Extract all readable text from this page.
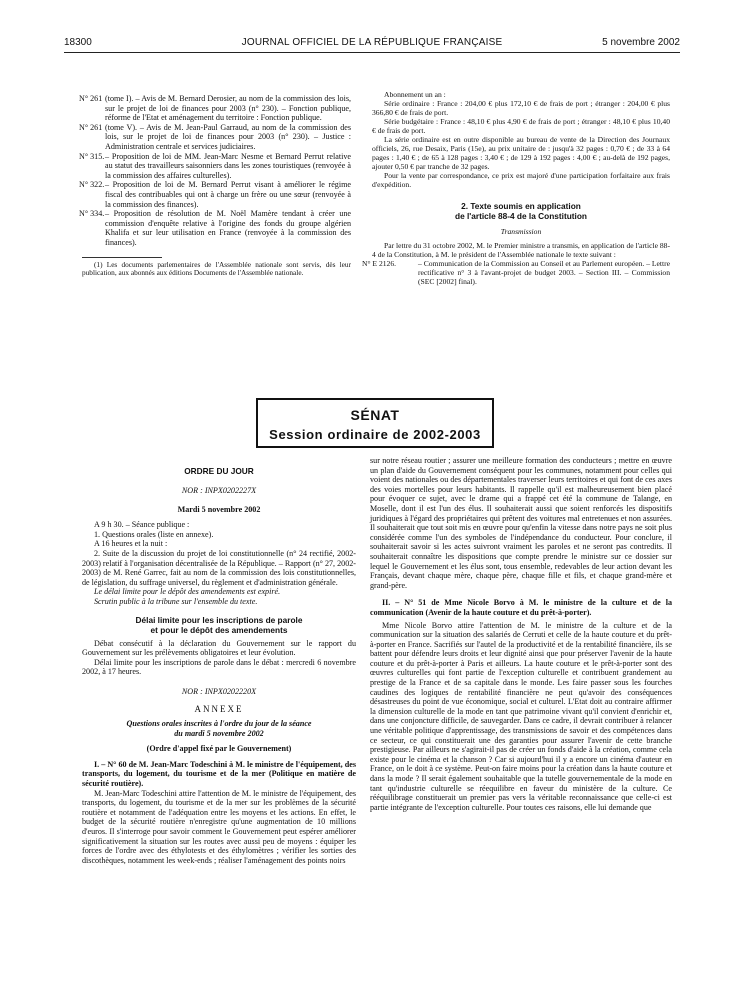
18300	JOURNAL OFFICIEL DE LA RÉPUBLIQUE FRANÇAISE	5 novembre 2002
N° 261 (tome I). – Avis de M. Bernard Derosier, au nom de la commission des lois, sur le projet de loi de finances pour 2003 (n° 230). – Fonction publique, réforme de l'Etat et aménagement du territoire : Fonction publique.
N° 261 (tome V). – Avis de M. Jean-Paul Garraud, au nom de la commission des lois, sur le projet de loi de finances pour 2003 (n° 230). – Justice : Administration centrale et services judiciaires.
N° 315. – Proposition de loi de MM. Jean-Marc Nesme et Bernard Perrut relative au statut des travailleurs saisonniers dans les zones touristiques (renvoyée à la commission des affaires culturelles).
N° 322. – Proposition de loi de M. Bernard Perrut visant à améliorer le régime fiscal des contribuables qui ont à charge un frère ou une sœur (renvoyée à la commission des finances).
N° 334. – Proposition de résolution de M. Noël Mamère tendant à créer une commission d'enquête relative à l'origine des fonds du groupe algérien Khalifa et sur leur utilisation en France (renvoyée à la commission des finances).

(1) Les documents parlementaires de l'Assemblée nationale sont servis, dès leur publication, aux abonnés aux éditions Documents de l'Assemblée nationale.

Abonnement un an :

Série ordinaire : France : 204,00 € plus 172,10 € de frais de port ; étranger : 204,00 € plus 366,80 € de frais de port.

Série budgétaire : France : 48,10 € plus 4,90 € de frais de port ; étranger : 48,10 € plus 10,40 € de frais de port.

La série ordinaire est en outre disponible au bureau de vente de la Direction des Journaux officiels, 26, rue Desaix, Paris (15e), au prix unitaire de : jusqu'à 32 pages : 0,70 € ; de 33 à 64 pages : 1,40 € ; de 65 à 128 pages : 3,40 € ; de 129 à 192 pages : 4,00 € ; au-delà de 192 pages, ajouter 0,50 € par tranche de 32 pages.

Pour la vente par correspondance, ce prix est majoré d'une participation forfaitaire aux frais d'expédition.

2. Texte soumis en application
de l'article 88-4 de la Constitution

Transmission

Par lettre du 31 octobre 2002, M. le Premier ministre a transmis, en application de l'article 88-4 de la Constitution, à M. le président de l'Assemblée nationale le texte suivant :

N° E 2126.	– Communication de la Commission au Conseil et au Parlement européen. – Lettre rectificative n° 3 à l'avant-projet de budget 2003. – Section III. – Commission (SEC [2002] final).
SÉNAT
Session ordinaire de 2002-2003

ORDRE DU JOUR

NOR : INPX0202227X

Mardi 5 novembre 2002

A 9 h 30. – Séance publique :

1. Questions orales (liste en annexe).

A 16 heures et la nuit :

2. Suite de la discussion du projet de loi constitutionnelle (n° 24 rectifié, 2002-2003) relatif à l'organisation décentralisée de la République. – Rapport (n° 27, 2002-2003) de M. René Garrec, fait au nom de la commission des lois constitutionnelles, de législation, du suffrage universel, du règlement et d'administration générale.

Le délai limite pour le dépôt des amendements est expiré.

Scrutin public à la tribune sur l'ensemble du texte.

Délai limite pour les inscriptions de parole
et pour le dépôt des amendements

Débat consécutif à la déclaration du Gouvernement sur le rapport du Gouvernement sur les prélèvements obligatoires et leur évolution.

Délai limite pour les inscriptions de parole dans le débat : mercredi 6 novembre 2002, à 17 heures.

NOR : INPX0202220X

ANNEXE

Questions orales inscrites à l'ordre du jour de la séance
du mardi 5 novembre 2002

(Ordre d'appel fixé par le Gouvernement)

I. – N° 60 de M. Jean-Marc Todeschini à M. le ministre de l'équipement, des transports, du logement, du tourisme et de la mer (Politique en matière de sécurité routière).

M. Jean-Marc Todeschini attire l'attention de M. le ministre de l'équipement, des transports, du logement, du tourisme et de la mer sur les problèmes de la sécurité routière et notamment de l'adéquation entre les moyens et les actions. En effet, le budget de la sécurité routière n'enregistre qu'une augmentation de 10 millions d'euros. Il s'interroge pour savoir comment le Gouvernement peut espérer améliorer significativement la situation sur les routes avec aussi peu de moyens : équiper les forces de l'ordre avec des éthylotests et des éthylomètres ; vérifier les sorties des discothèques, notamment les week-ends ; réaliser l'aménagement des points noirs

sur notre réseau routier ; assurer une meilleure formation des conducteurs ; mettre en œuvre un plan d'aide du Gouvernement conséquent pour les communes, notamment pour celles qui voient des nationales ou des départementales traverser leurs territoires et qui font de ces axes des voies mortelles pour leurs habitants. Il rappelle qu'il est malheureusement bien placé pour évoquer ce sujet, avec le drame qui a frappé cet été la commune de Talange, en Moselle, dont il est l'un des élus. Il souhaiterait aussi que soient renforcés les dispositifs juridiques à l'égard des propriétaires qui prêtent des voitures mal entretenues et non assurées. Il souhaiterait que tout soit mis en œuvre pour qu'enfin la vitesse dans notre pays ne soit plus considérée comme l'un des symboles de l'indépendance du conducteur. Pour conclure, il souhaiterait savoir si les actes suivront vraiment les paroles et ne seront pas contredits. Il souhaiterait connaître les dispositions que compte prendre le ministre sur ce dossier sur lequel le Gouvernement et les élus sont, tous ensemble, redevables de leur action devant les Français, devant chaque mère, chaque père, chaque fille et fils, et chaque grand-mère et grand-père.

II. – N° 51 de Mme Nicole Borvo à M. le ministre de la culture et de la communication (Avenir de la haute couture et du prêt-à-porter).

Mme Nicole Borvo attire l'attention de M. le ministre de la culture et de la communication sur la situation des salariés de Cerruti et celle de la haute couture et du prêt-à-porter en France. Sacrifiés sur l'autel de la productivité et de la rentabilité financière, ils se battent pour défendre leurs droits et leur dignité ainsi que pour préserver l'avenir de la haute couture et du prêt-à-porter à Paris et ailleurs. La haute couture et le prêt-à-porter sont des œuvres culturelles qui font partie de l'exception culturelle et contribuent grandement au prestige de la France et de sa capitale dans le monde. Les faire passer sous les fourches caudines des logiques de rentabilité financière ne peut qu'avoir des conséquences désastreuses du point de vue économique, social et culturel. L'Etat doit au contraire affirmer la dimension culturelle de la mode en tant que patrimoine vivant qu'il convient d'enrichir et, dans une conjoncture difficile, de sauvegarder. Dans ce cadre, il devrait contribuer à relancer une véritable politique d'apprentissage, des transmissions de savoir et des compétences dans ce secteur, ce qui constituerait une des garanties pour assurer l'avenir de cette branche prestigieuse. Par ailleurs ne s'agirait-il pas de créer un fonds d'aide à la création, comme cela existe pour le cinéma et la chanson ? Car si aujourd'hui il y a encore un cinéma d'auteur en France, on le doit à ce système. Peut-on faire moins pour la création dans la haute couture et dans la mode ? Il serait également souhaitable que la tutelle gouvernementale de la mode en tant qu'industrie culturelle se réequilibre en faveur du ministère de la culture. Ce rééquilibrage constituerait un premier pas vers la véritable reconnaissance que celle-ci est partie intégrante de l'exception culturelle. Pour toutes ces raisons, elle lui demande que
